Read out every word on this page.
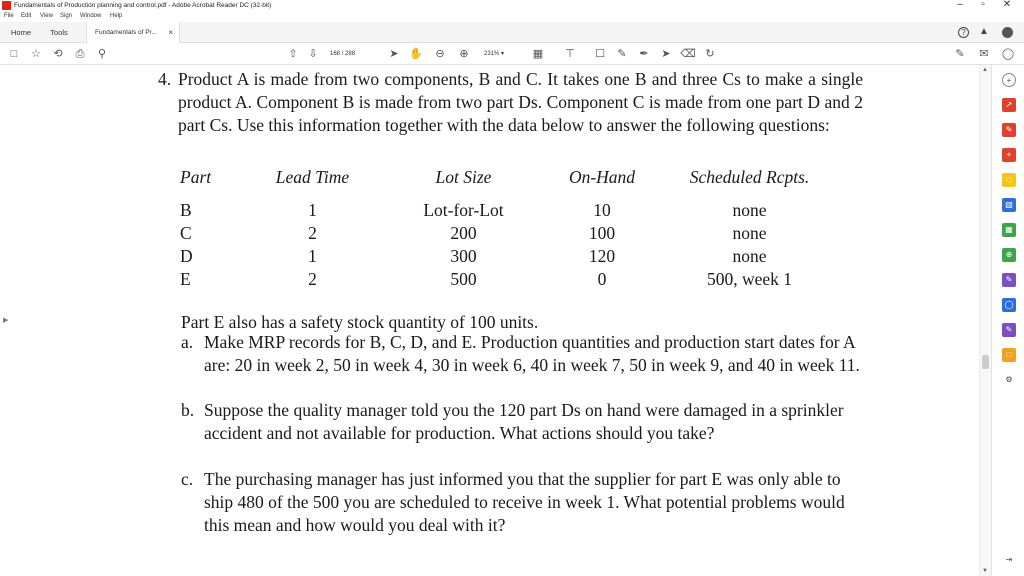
Fundamentals of Production planning and control.pdf - Adobe Acrobat Reader DC (32-bit)	–	▫	✕
File Edit View Sign Window Help
Home	Tools	Fundamentals of Pr... ×	?	▲
□	☆	⟲	⎙	⚲	⇧ ⇩	168 / 288	➤ ✋	⊖	⊕	231% ▾	▦ ⊤ ☐	✎	✒	➤ ⌫ ↻	✎	✉	◯
▶
4. Product A is made from two components, B and C. It takes one B and three Cs to make a single product A. Component B is made from two part Ds. Component C is made from one part D and 2 part Cs. Use this information together with the data below to answer the following questions:
Part	Lead Time	Lot Size	On-Hand	Scheduled Rcpts.
B	1	Lot-for-Lot	10	none
C	2	200	100	none
D	1	300	120	none
E	2	500	0	500, week 1
Part E also has a safety stock quantity of 100 units.
a. Make MRP records for B, C, D, and E. Production quantities and production start dates for A are: 20 in week 2, 50 in week 4, 30 in week 6, 40 in week 7, 50 in week 9, and 40 in week 11.
b. Suppose the quality manager told you the 120 part Ds on hand were damaged in a sprinkler accident and not available for production. What actions should you take?
c. The purchasing manager has just informed you that the supplier for part E was only able to ship 480 of the 500 you are scheduled to receive in week 1. What potential problems would this mean and how would you deal with it?
▲
▼
+
↗
✎
+
□
▧
▦
⊕
✎
◯
✎
□
⚙
⇥
